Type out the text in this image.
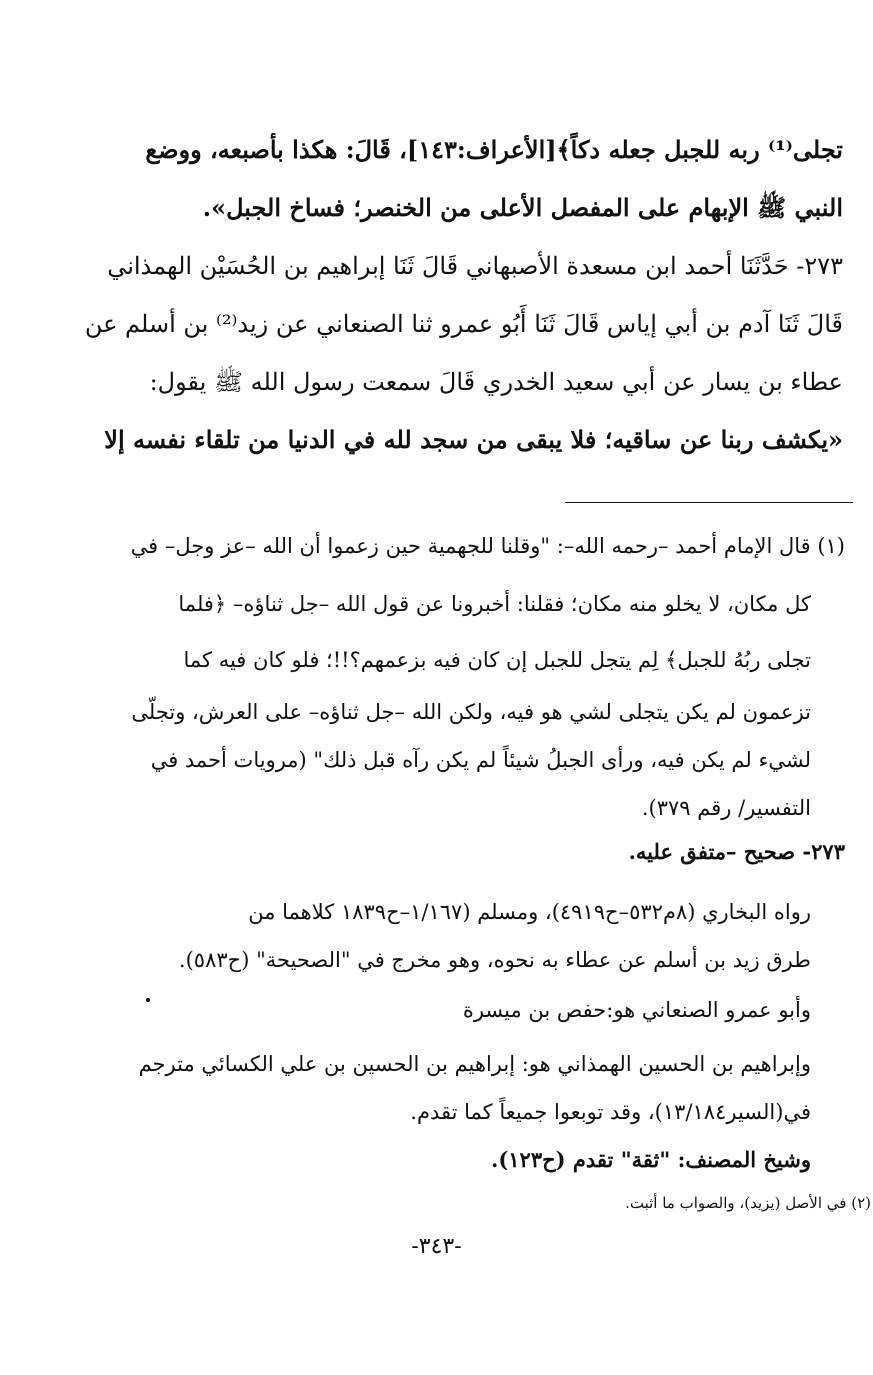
تجلى⁽¹⁾ ربه للجبل جعله دكاً﴾[الأعراف:١٤٣]، قَالَ: هكذا بأصبعه، ووضع
النبي ﷺ الإبهام على المفصل الأعلى من الخنصر؛ فساخ الجبل».
٢٧٣- حَدَّثَنَا أحمد ابن مسعدة الأصبهاني قَالَ ثَنَا إبراهيم بن الحُسَيْن الهمذاني
قَالَ ثَنَا آدم بن أبي إياس قَالَ ثَنَا أَبُو عمرو ثنا الصنعاني عن زيد⁽²⁾ بن أسلم عن
عطاء بن يسار عن أبي سعيد الخدري قَالَ سمعت رسول الله ﷺ يقول:
«يكشف ربنا عن ساقيه؛ فلا يبقى من سجد لله في الدنيا من تلقاء نفسه إلا
(١) قال الإمام أحمد –رحمه الله–: "وقلنا للجهمية حين زعموا أن الله –عز وجل– في
كل مكان، لا يخلو منه مكان؛ فقلنا: أخبرونا عن قول الله –جل ثناؤه– ﴿فلما
تجلى ربُهُ للجبل﴾ لِم يتجل للجبل إن كان فيه بزعمهم؟!!؛ فلو كان فيه كما
تزعمون لم يكن يتجلى لشي هو فيه، ولكن الله –جل ثناؤه– على العرش، وتجلّى
لشيء لم يكن فيه، ورأى الجبلُ شيئاً لم يكن رآه قبل ذلك" (مرويات أحمد في
التفسير/ رقم ٣٧٩).
٢٧٣- صحيح –متفق عليه.
رواه البخاري (٨م٥٣٢–ح٤٩١٩)، ومسلم (١/١٦٧–ح١٨٣٩ كلاهما من
طرق زيد بن أسلم عن عطاء به نحوه، وهو مخرج في "الصحيحة" (ح٥٨٣).
وأبو عمرو الصنعاني هو:حفص بن ميسرة
وإبراهيم بن الحسين الهمذاني هو: إبراهيم بن الحسين بن علي الكسائي مترجم
في(السير١٣/١٨٤)، وقد توبعوا جميعاً كما تقدم.
وشيخ المصنف: "ثقة" تقدم (ح١٢٣).
(٢) في الأصل (يزيد)، والصواب ما أثبت.
-٣٤٣-
